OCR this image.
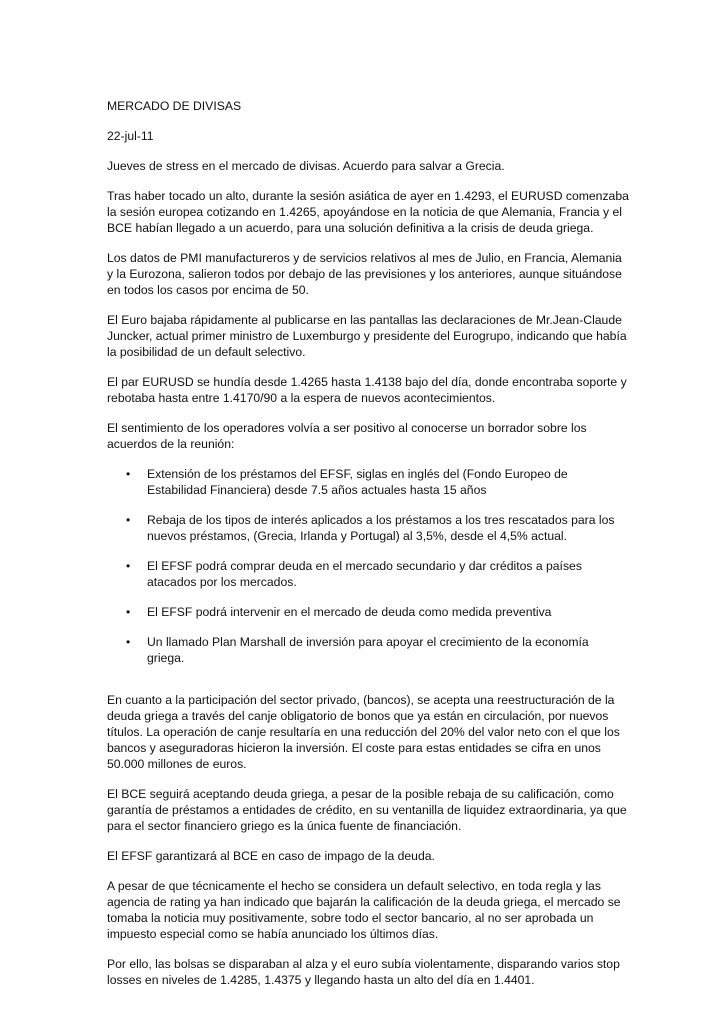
MERCADO DE DIVISAS

22-jul-11

Jueves de stress en el mercado de divisas. Acuerdo para salvar a Grecia.

Tras haber tocado un alto, durante la sesión asiática de ayer en 1.4293, el EURUSD comenzaba la sesión europea cotizando en 1.4265, apoyándose en la noticia de que Alemania, Francia y el BCE habían llegado a un acuerdo, para una solución definitiva a la crisis de deuda griega.

Los datos de PMI manufactureros y de servicios relativos al mes de Julio, en Francia, Alemania y la Eurozona, salieron todos por debajo de las previsiones y los anteriores, aunque situándose en todos los casos por encima de 50.

El Euro bajaba rápidamente al publicarse en las pantallas las declaraciones de Mr.Jean-Claude Juncker, actual primer ministro de Luxemburgo y presidente del Eurogrupo, indicando que había la posibilidad de un default selectivo.

El par EURUSD se hundía desde 1.4265 hasta 1.4138 bajo del día, donde encontraba soporte y rebotaba hasta entre 1.4170/90 a la espera de nuevos acontecimientos.

El sentimiento de los operadores volvía a ser positivo al conocerse un borrador sobre los acuerdos de la reunión:

• Extensión de los préstamos del EFSF, siglas en inglés del (Fondo Europeo de Estabilidad Financiera) desde 7.5 años actuales hasta 15 años
• Rebaja de los tipos de interés aplicados a los préstamos a los tres rescatados para los nuevos préstamos, (Grecia, Irlanda y Portugal) al 3,5%, desde el 4,5% actual.
• El EFSF podrá comprar deuda en el mercado secundario y dar créditos a países atacados por los mercados.
• El EFSF podrá intervenir en el mercado de deuda como medida preventiva
• Un llamado Plan Marshall de inversión para apoyar el crecimiento de la economía griega.

En cuanto a la participación del sector privado, (bancos), se acepta una reestructuración de la deuda griega a través del canje obligatorio de bonos que ya están en circulación, por nuevos títulos. La operación de canje resultaría en una reducción del 20% del valor neto con el que los bancos y aseguradoras hicieron la inversión. El coste para estas entidades se cifra en unos 50.000 millones de euros.

El BCE seguirá aceptando deuda griega, a pesar de la posible rebaja de su calificación, como garantía de préstamos a entidades de crédito, en su ventanilla de liquidez extraordinaria, ya que para el sector financiero griego es la única fuente de financiación.

El EFSF garantizará al BCE en caso de impago de la deuda.

A pesar de que técnicamente el hecho se considera un default selectivo, en toda regla y las agencia de rating ya han indicado que bajarán la calificación de la deuda griega, el mercado se tomaba la noticia muy positivamente, sobre todo el sector bancario, al no ser aprobada un impuesto especial como se había anunciado los últimos días.

Por ello, las bolsas se disparaban al alza y el euro subía violentamente, disparando varios stop losses en niveles de 1.4285, 1.4375 y llegando hasta un alto del día en 1.4401.
